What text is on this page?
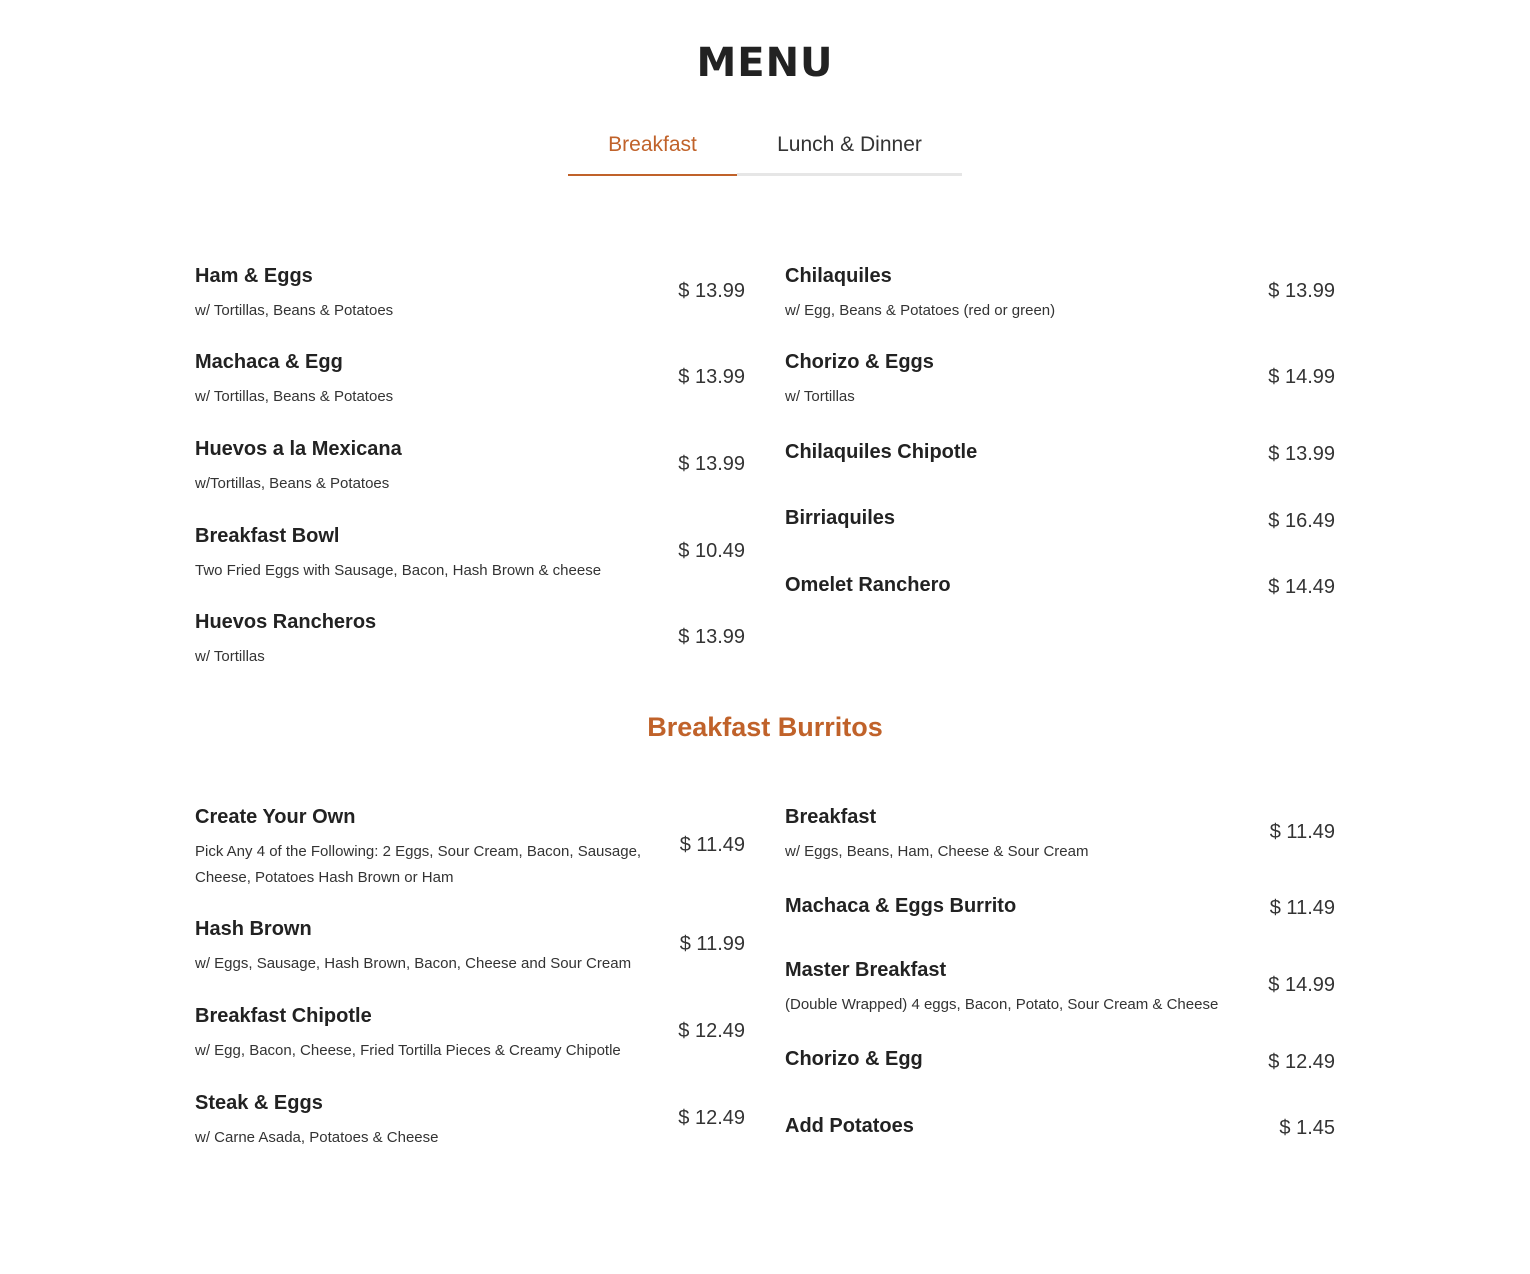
MENU
Breakfast	Lunch & Dinner
Ham & Eggs
w/ Tortillas, Beans & Potatoes
$ 13.99
Machaca & Egg
w/ Tortillas, Beans & Potatoes
$ 13.99
Huevos a la Mexicana
w/Tortillas, Beans & Potatoes
$ 13.99
Breakfast Bowl
Two Fried Eggs with Sausage, Bacon, Hash Brown & cheese
$ 10.49
Huevos Rancheros
w/ Tortillas
$ 13.99
Chilaquiles
w/ Egg, Beans & Potatoes (red or green)
$ 13.99
Chorizo & Eggs
w/ Tortillas
$ 14.99
Chilaquiles Chipotle	$ 13.99
Birriaquiles	$ 16.49
Omelet Ranchero	$ 14.49
Breakfast Burritos
Create Your Own
Pick Any 4 of the Following: 2 Eggs, Sour Cream, Bacon, Sausage, Cheese, Potatoes Hash Brown or Ham
$ 11.49
Hash Brown
w/ Eggs, Sausage, Hash Brown, Bacon, Cheese and Sour Cream
$ 11.99
Breakfast Chipotle
w/ Egg, Bacon, Cheese, Fried Tortilla Pieces & Creamy Chipotle
$ 12.49
Steak & Eggs
w/ Carne Asada, Potatoes & Cheese
$ 12.49
Breakfast
w/ Eggs, Beans, Ham, Cheese & Sour Cream
$ 11.49
Machaca & Eggs Burrito	$ 11.49
Master Breakfast
(Double Wrapped) 4 eggs, Bacon, Potato, Sour Cream & Cheese
$ 14.99
Chorizo & Egg	$ 12.49
Add Potatoes	$ 1.45
